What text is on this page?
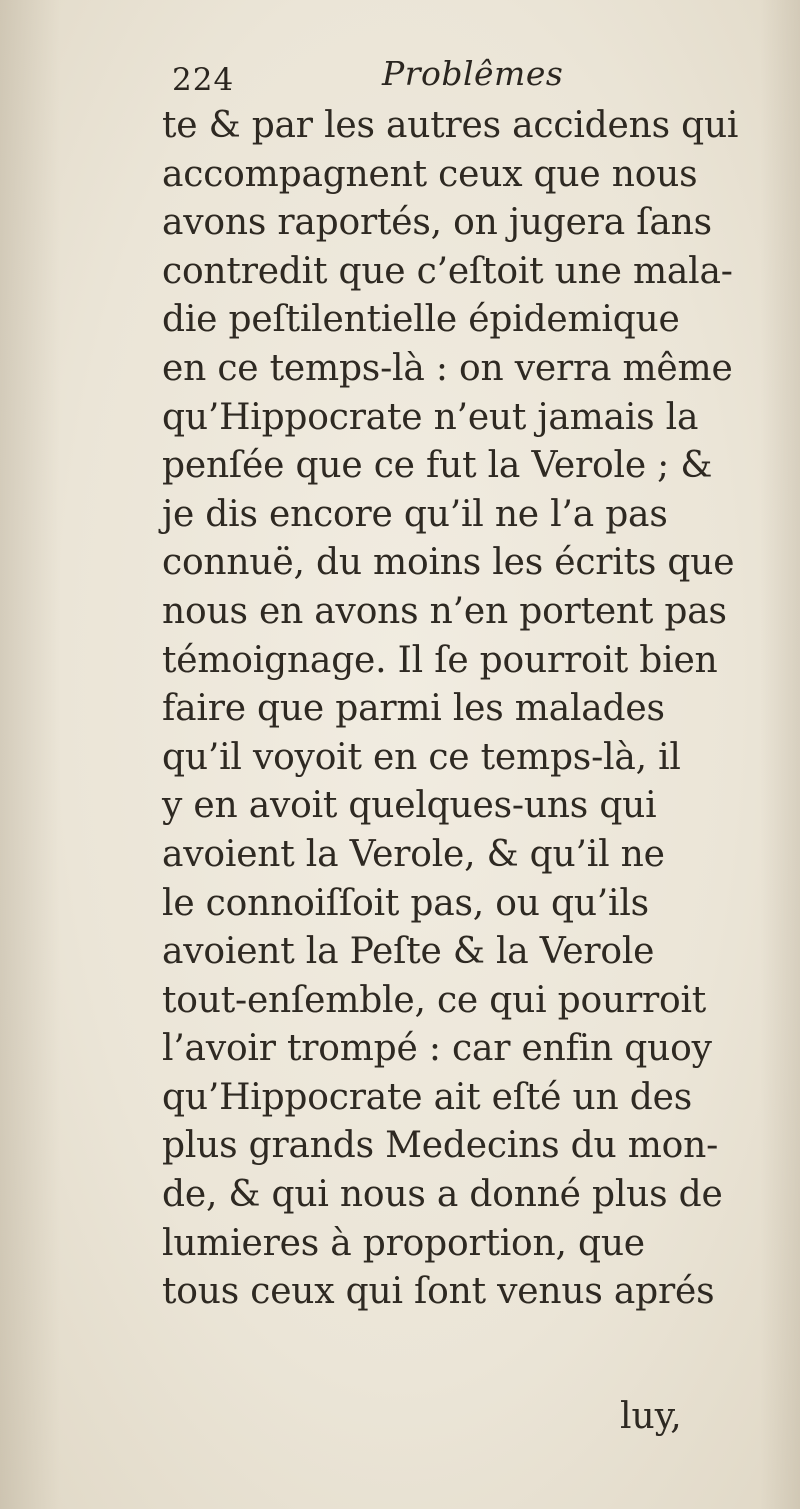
224	Problêmes
te & par les autres accidens qui
accompagnent ceux que nous
avons raportés, on jugera ſans
contredit que c’eſtoit une mala-
die peſtilentielle épidemique
en ce temps-là : on verra même
qu’Hippocrate n’eut jamais la
penſée que ce fut la Verole ; &
je dis encore qu’il ne l’a pas
connuë, du moins les écrits que
nous en avons n’en portent pas
témoignage. Il ſe pourroit bien
faire que parmi les malades
qu’il voyoit en ce temps-là, il
y en avoit quelques-uns qui
avoient la Verole, & qu’il ne
le connoiſſoit pas, ou qu’ils
avoient la Peſte & la Verole
tout-enſemble, ce qui pourroit
l’avoir trompé : car enfin quoy
qu’Hippocrate ait eſté un des
plus grands Medecins du mon-
de, & qui nous a donné plus de
lumieres à proportion, que
tous ceux qui ſont venus aprés
luy,
